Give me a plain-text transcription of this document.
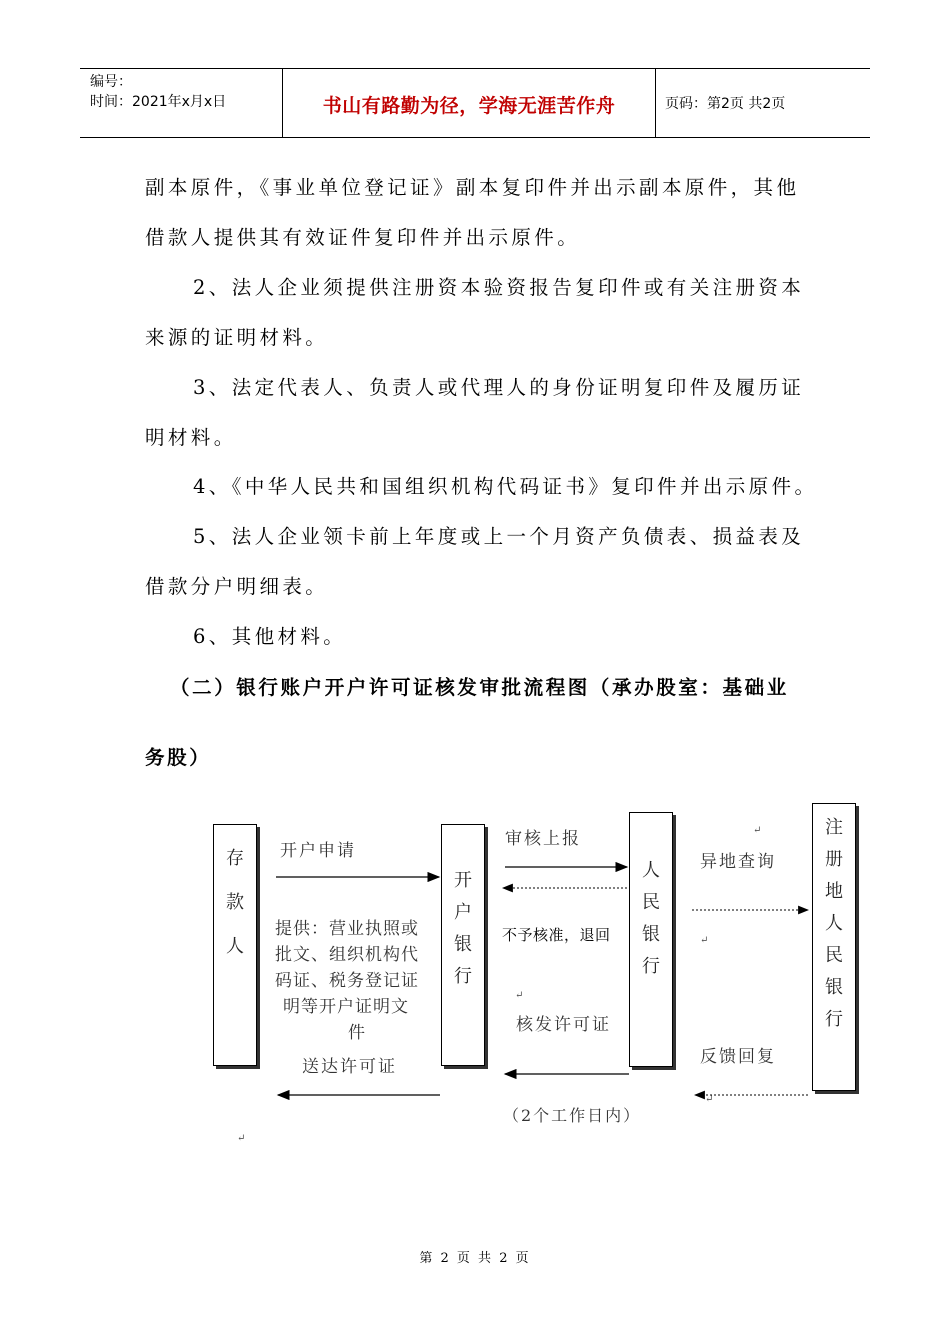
编号：
时间：2021年x月x日	书山有路勤为径，学海无涯苦作舟	页码：第2页 共2页
副本原件，《事业单位登记证》副本复印件并出示副本原件，其他
借款人提供其有效证件复印件并出示原件。
2、法人企业须提供注册资本验资报告复印件或有关注册资本
来源的证明材料。
3、法定代表人、负责人或代理人的身份证明复印件及履历证
明材料。
4、《中华人民共和国组织机构代码证书》复印件并出示原件。
5、法人企业领卡前上年度或上一个月资产负债表、损益表及
借款分户明细表。
6、其他材料。
（二）银行账户开户许可证核发审批流程图（承办股室：基础业
务股）
存
款
人
开
户
银
行
人
民
银
行
注
册
地
人
民
银
行
开户申请
提供：营业执照或
批文、组织机构代
码证、税务登记证
明等开户证明文
件
送达许可证
审核上报
不予核准，退回
核发许可证
（2个工作日内）
异地查询
反馈回复
↵
↵
↵
↵
↵
第 2 页 共 2 页
